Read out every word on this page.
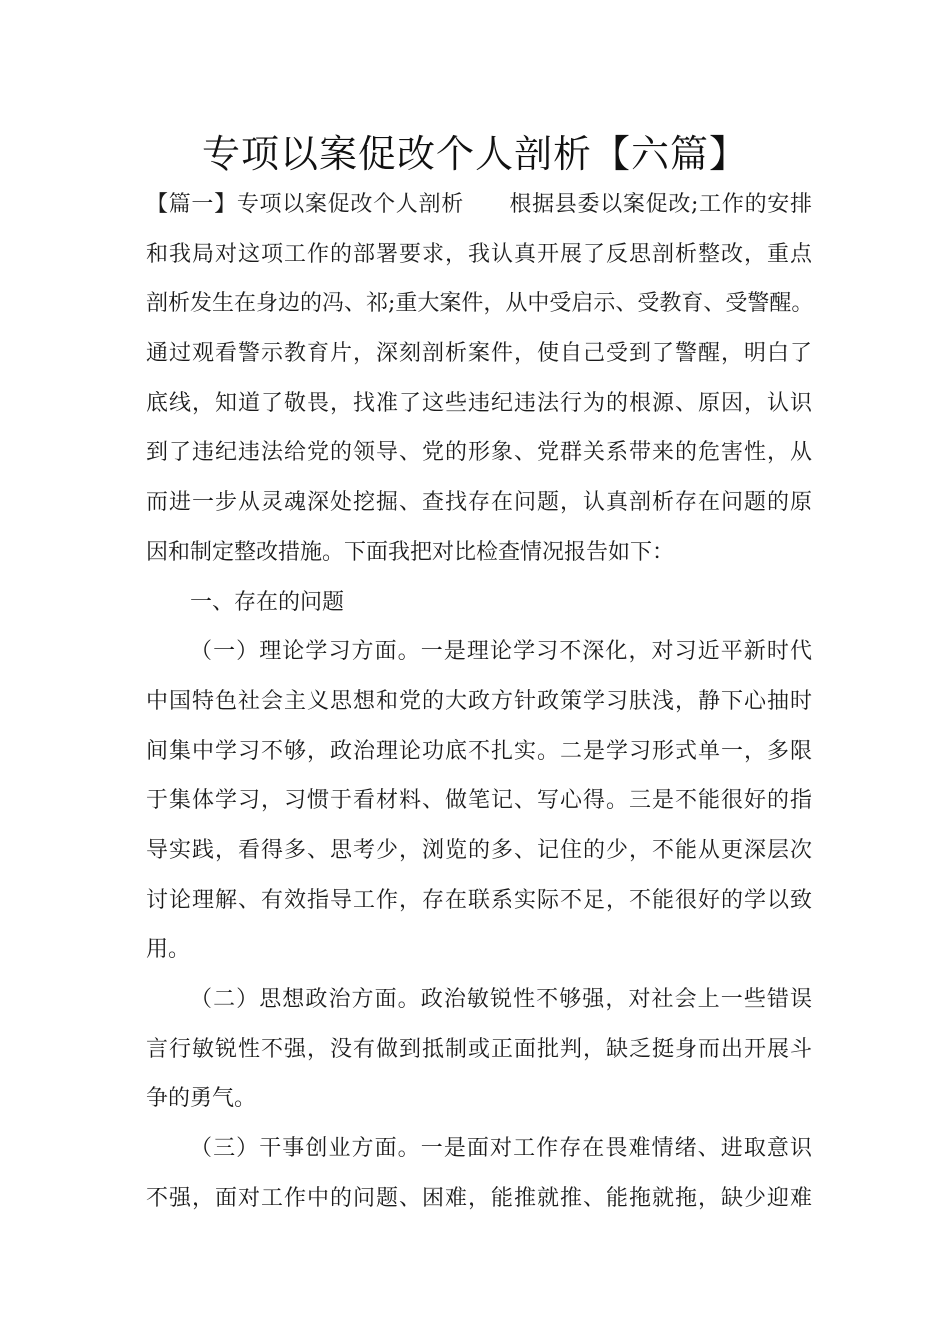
专项以案促改个人剖析【六篇】
【篇一】专项以案促改个人剖析　　根据县委以案促改;工作的安排
和我局对这项工作的部署要求，我认真开展了反思剖析整改，重点
剖析发生在身边的冯、祁;重大案件，从中受启示、受教育、受警醒。
通过观看警示教育片，深刻剖析案件，使自己受到了警醒，明白了
底线，知道了敬畏，找准了这些违纪违法行为的根源、原因，认识
到了违纪违法给党的领导、党的形象、党群关系带来的危害性，从
而进一步从灵魂深处挖掘、查找存在问题，认真剖析存在问题的原
因和制定整改措施。下面我把对比检查情况报告如下：
一、存在的问题
（一）理论学习方面。一是理论学习不深化，对习近平新时代
中国特色社会主义思想和党的大政方针政策学习肤浅，静下心抽时
间集中学习不够，政治理论功底不扎实。二是学习形式单一，多限
于集体学习，习惯于看材料、做笔记、写心得。三是不能很好的指
导实践，看得多、思考少，浏览的多、记住的少，不能从更深层次
讨论理解、有效指导工作，存在联系实际不足，不能很好的学以致
用。
（二）思想政治方面。政治敏锐性不够强，对社会上一些错误
言行敏锐性不强，没有做到抵制或正面批判，缺乏挺身而出开展斗
争的勇气。
（三）干事创业方面。一是面对工作存在畏难情绪、进取意识
不强，面对工作中的问题、困难，能推就推、能拖就拖，缺少迎难
